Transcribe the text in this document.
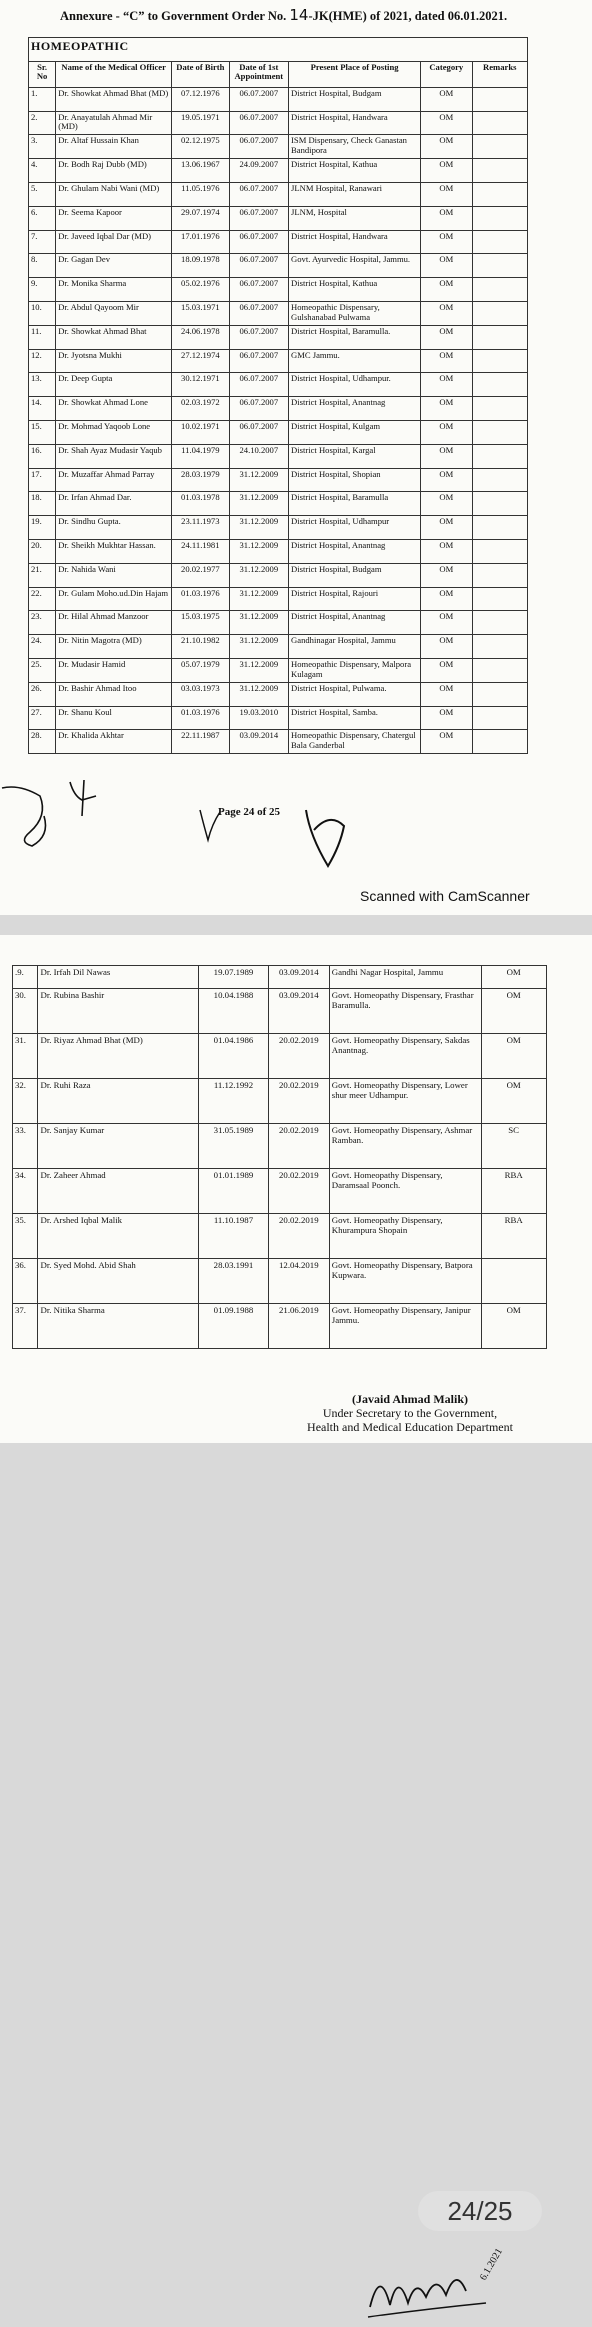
Annexure - “C” to Government Order No. 14-JK(HME) of 2021, dated 06.01.2021.
HOMEOPATHIC						
Sr. No	Name of the Medical Officer	Date of Birth	Date of 1st Appointment	Present Place of Posting	Category	Remarks
1.	Dr. Showkat Ahmad Bhat (MD)	07.12.1976	06.07.2007	District Hospital, Budgam	OM	
2.	Dr. Anayatulah Ahmad Mir (MD)	19.05.1971	06.07.2007	District Hospital, Handwara	OM	
3.	Dr. Altaf Hussain Khan	02.12.1975	06.07.2007	ISM Dispensary, Check Ganastan Bandipora	OM	
4.	Dr. Bodh Raj Dubb (MD)	13.06.1967	24.09.2007	District Hospital, Kathua	OM	
5.	Dr. Ghulam Nabi Wani (MD)	11.05.1976	06.07.2007	JLNM Hospital, Ranawari	OM	
6.	Dr. Seema Kapoor	29.07.1974	06.07.2007	JLNM, Hospital	OM	
7.	Dr. Javeed Iqbal Dar (MD)	17.01.1976	06.07.2007	District Hospital, Handwara	OM	
8.	Dr. Gagan Dev	18.09.1978	06.07.2007	Govt. Ayurvedic Hospital, Jammu.	OM	
9.	Dr. Monika Sharma	05.02.1976	06.07.2007	District Hospital, Kathua	OM	
10.	Dr. Abdul Qayoom Mir	15.03.1971	06.07.2007	Homeopathic Dispensary, Gulshanabad Pulwama	OM	
11.	Dr. Showkat Ahmad Bhat	24.06.1978	06.07.2007	District Hospital, Baramulla.	OM	
12.	Dr. Jyotsna Mukhi	27.12.1974	06.07.2007	GMC Jammu.	OM	
13.	Dr. Deep Gupta	30.12.1971	06.07.2007	District Hospital, Udhampur.	OM	
14.	Dr. Showkat Ahmad Lone	02.03.1972	06.07.2007	District Hospital, Anantnag	OM	
15.	Dr. Mohmad Yaqoob Lone	10.02.1971	06.07.2007	District Hospital, Kulgam	OM	
16.	Dr. Shah Ayaz Mudasir Yaqub	11.04.1979	24.10.2007	District Hospital, Kargal	OM	
17.	Dr. Muzaffar Ahmad Parray	28.03.1979	31.12.2009	District Hospital, Shopian	OM	
18.	Dr. Irfan Ahmad Dar.	01.03.1978	31.12.2009	District Hospital, Baramulla	OM	
19.	Dr. Sindhu Gupta.	23.11.1973	31.12.2009	District Hospital, Udhampur	OM	
20.	Dr. Sheikh Mukhtar Hassan.	24.11.1981	31.12.2009	District Hospital, Anantnag	OM	
21.	Dr. Nahida Wani	20.02.1977	31.12.2009	District Hospital, Budgam	OM	
22.	Dr. Gulam Moho.ud.Din Hajam	01.03.1976	31.12.2009	District Hospital, Rajouri	OM	
23.	Dr. Hilal Ahmad Manzoor	15.03.1975	31.12.2009	District Hospital, Anantnag	OM	
24.	Dr. Nitin Magotra (MD)	21.10.1982	31.12.2009	Gandhinagar Hospital, Jammu	OM	
25.	Dr. Mudasir Hamid	05.07.1979	31.12.2009	Homeopathic Dispensary, Malpora Kulagam	OM	
26.	Dr. Bashir Ahmad Itoo	03.03.1973	31.12.2009	District Hospital, Pulwama.	OM	
27.	Dr. Shanu Koul	01.03.1976	19.03.2010	District Hospital, Samba.	OM	
28.	Dr. Khalida Akhtar	22.11.1987	03.09.2014	Homeopathic Dispensary, Chatergul Bala Ganderbal	OM	
Page 24 of 25
Scanned with CamScanner
.9.	Dr. Irfah Dil Nawas	19.07.1989	03.09.2014	Gandhi Nagar Hospital, Jammu	OM	
30.	Dr. Rubina Bashir	10.04.1988	03.09.2014	Govt. Homeopathy Dispensary, Frasthar Baramulla.	OM	
31.	Dr. Riyaz Ahmad Bhat (MD)	01.04.1986	20.02.2019	Govt. Homeopathy Dispensary, Sakdas Anantnag.	OM	
32.	Dr. Ruhi Raza	11.12.1992	20.02.2019	Govt. Homeopathy Dispensary, Lower shur meer Udhampur.	OM	
33.	Dr. Sanjay Kumar	31.05.1989	20.02.2019	Govt. Homeopathy Dispensary, Ashmar Ramban.	SC	
34.	Dr. Zaheer Ahmad	01.01.1989	20.02.2019	Govt. Homeopathy Dispensary, Daramsaal Poonch.	RBA	
35.	Dr. Arshed Iqbal Malik	11.10.1987	20.02.2019	Govt. Homeopathy Dispensary, Khurampura Shopain	RBA	
36.	Dr. Syed Mohd. Abid Shah	28.03.1991	12.04.2019	Govt. Homeopathy Dispensary, Batpora Kupwara.		
37.	Dr. Nitika Sharma	01.09.1988	21.06.2019	Govt. Homeopathy Dispensary, Janipur Jammu.	OM	
24/25
6.1.2021
(Javaid Ahmad Malik)
Under Secretary to the Government,
Health and Medical Education Department
